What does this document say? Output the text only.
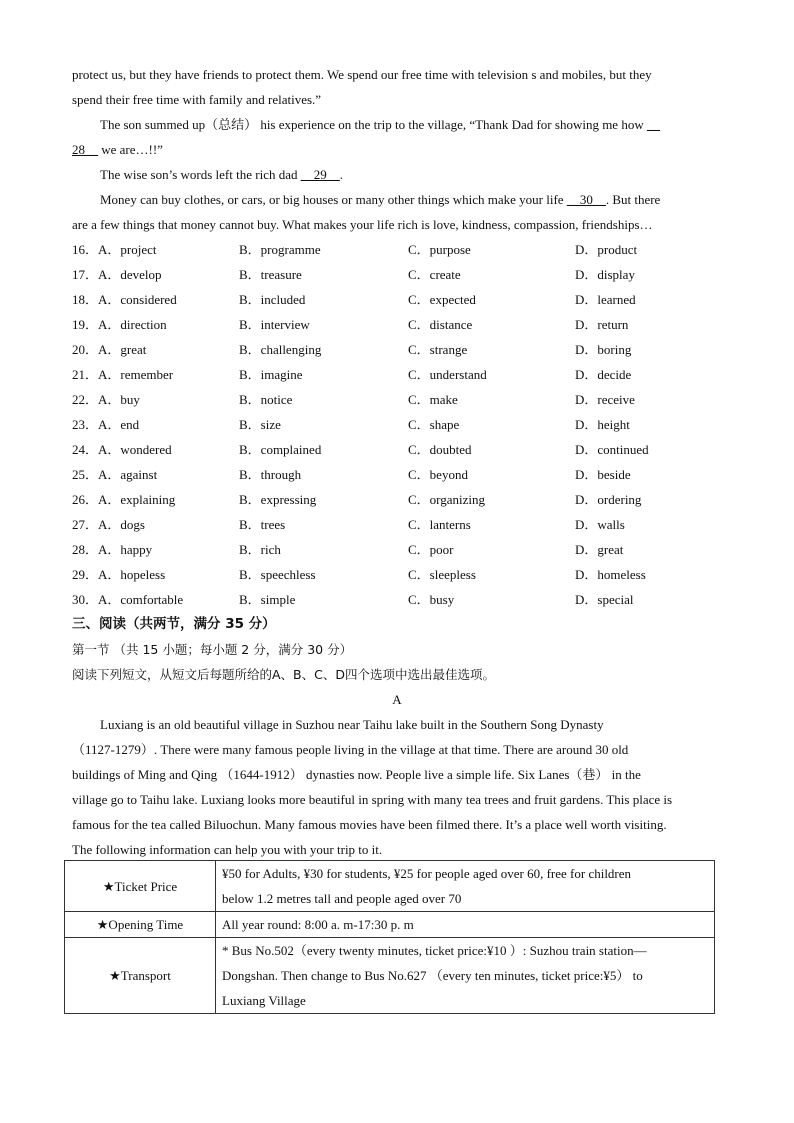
protect us, but they have friends to protect them. We spend our free time with television s and mobiles, but they
spend their free time with family and relatives.”
The son summed up（总结） his experience on the trip to the village, “Thank Dad for showing me how __
28__ we are…!!”
The wise son’s words left the rich dad __29__.
Money can buy clothes, or cars, or big houses or many other things which make your life __30__. But there
are a few things that money cannot buy. What makes your life rich is love, kindness, compassion, friendships…
16．A．project	B．programme	C．purpose	D．product
17．A．develop	B．treasure	C．create	D．display
18．A．considered	B．included	C．expected	D．learned
19．A．direction	B．interview	C．distance	D．return
20．A．great	B．challenging	C．strange	D．boring
21．A．remember	B．imagine	C．understand	D．decide
22．A．buy	B．notice	C．make	D．receive
23．A．end	B．size	C．shape	D．height
24．A．wondered	B．complained	C．doubted	D．continued
25．A．against	B．through	C．beyond	D．beside
26．A．explaining	B．expressing	C．organizing	D．ordering
27．A．dogs	B．trees	C．lanterns	D．walls
28．A．happy	B．rich	C．poor	D．great
29．A．hopeless	B．speechless	C．sleepless	D．homeless
30．A．comfortable	B．simple	C．busy	D．special
三、阅读（共两节，满分 35 分）
第一节 （共 15 小题；每小题 2 分，满分 30 分）
阅读下列短文，从短文后每题所给的A、B、C、D四个选项中选出最佳选项。
A
Luxiang is an old beautiful village in Suzhou near Taihu lake built in the Southern Song Dynasty
（1127-1279）. There were many famous people living in the village at that time. There are around 30 old
buildings of Ming and Qing （1644-1912） dynasties now. People live a simple life. Six Lanes（巷） in the
village go to Taihu lake. Luxiang looks more beautiful in spring with many tea trees and fruit gardens. This place is
famous for the tea called Biluochun. Many famous movies have been filmed there. It’s a place well worth visiting.
The following information can help you with your trip to it.
★Ticket Price	¥50 for Adults, ¥30 for students, ¥25 for people aged over 60, free for children
below 1.2 metres tall and people aged over 70

★Opening Time	All year round: 8:00 a. m-17:30 p. m
★Transport	* Bus No.502（every twenty minutes, ticket price:¥10 ）: Suzhou train station—
Dongshan. Then change to Bus No.627 （every ten minutes, ticket price:¥5） to
Luxiang Village
